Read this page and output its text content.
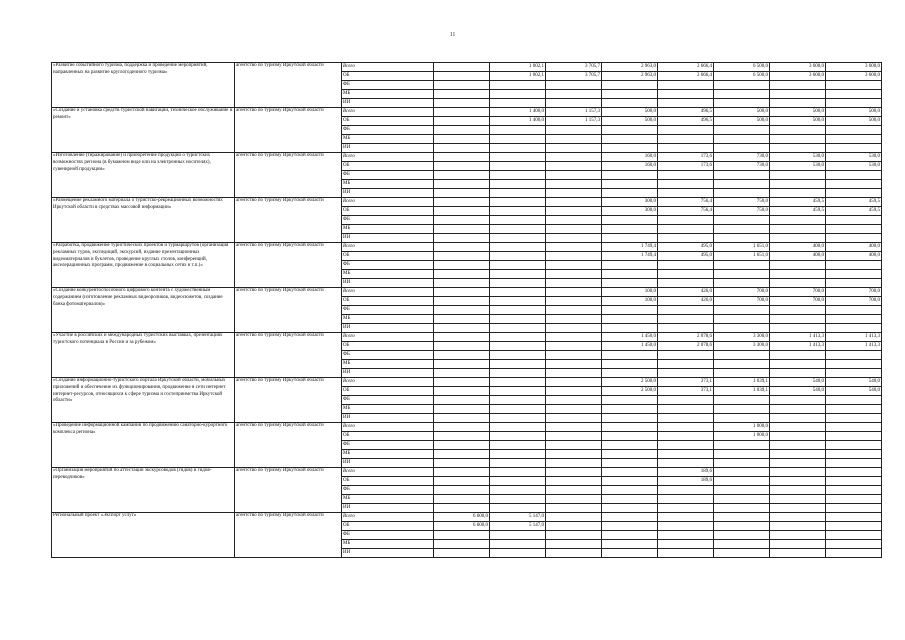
11
«Развитие событийного туризма, поддержка и проведение мероприятий, направленных на развитие круглогодичного туризма»	агентство по туризму Иркутской области	Всего		1 002,1	3 705,7	2 963,0	2 666,4	6 500,0	3 600,0	3 600,0
		ОБ		1 002,1	3 705,7	2 963,0	2 666,4	6 500,0	3 600,0	3 600,0
		ФБ								
		МБ								
		ИИ								
«Создание и установка средств туристской навигации, техническое обслуживание и ремонт»	агентство по туризму Иркутской области	Всего		1 400,0	1 157,3	500,0	496,5	500,0	500,0	500,0
		ОБ		1 400,0	1 157,3	500,0	496,5	500,0	500,0	500,0
		ФБ								
		МБ								
		ИИ								
«Изготовление (тиражирование) и приобретение продукции о туристских возможностях региона (в бумажном виде или на электронных носителях), сувенирной продукции»	агентство по туризму Иркутской области	Всего				160,0	173,6	730,0	530,0	530,0
		ОБ				160,0	173,6	730,0	530,0	530,0
		ФБ								
		МБ								
		ИИ								
«Размещение рекламного материала о туристско-рекреационных возможностях Иркутской области в средствах массовой информации»	агентство по туризму Иркутской области	Всего				300,0	756,4	750,0	459,5	459,5
		ОБ				300,0	756,4	750,0	459,5	459,5
		ФБ								
		МБ								
		ИИ								
«Разработка, продвижение туристических проектов и турмаршрутов (организация рекламных туров, экспедиций, экскурсий, издание презентационных видеоматериалов и буклетов, проведение круглых столов, конференций, акселерационных программ, продвижение в социальных сетях и т.п.)»	агентство по туризму Иркутской области	Всего				1 749,4	495,0	1 651,0	400,0	400,0
		ОБ				1 749,4	495,0	1 651,0	400,0	400,0
		ФБ								
		МБ								
		ИИ								
«Создание конкурентоспособного цифрового контента с художественным содержанием (изготовление рекламных видеороликов, видеосюжетов, создание банка фотоматериалов)»	агентство по туризму Иркутской области	Всего				100,0	426,0	700,0	700,0	700,0
		ОБ				100,0	426,0	700,0	700,0	700,0
		ФБ								
		МБ								
		ИИ								
«Участие в российских и международных туристских выставках, презентациях туристского потенциала в России и за рубежом»	агентство по туризму Иркутской области	Всего				1 450,0	2 078,6	3 300,0	1 413,3	1 413,3
		ОБ				1 450,0	2 078,6	3 300,0	1 413,3	1 413,3
		ФБ								
		МБ								
		ИИ								
«Создание информационно-туристского портала Иркутской области, мобильных приложений и обеспечение их функционирования, продвижение в сети интернет интернет-ресурсов, относящихся к сфере туризма и гостеприимства Иркутской области»	агентство по туризму Иркутской области	Всего				2 500,0	373,1	1 039,1	540,0	540,0
		ОБ				2 500,0	373,1	1 039,1	540,0	540,0
		ФБ								
		МБ								
		ИИ								
«Проведение информационной кампании по продвижению санаторно-курортного комплекса региона»	агентство по туризму Иркутской области	Всего						1 000,0		
		ОБ						1 000,0		
		ФБ								
		МБ								
		ИИ								
«Организация мероприятий по аттестации экскурсоводов (гидов) и гидов-переводчиков»	агентство по туризму Иркутской области	Всего					189,6			
		ОБ					189,6			
		ФБ								
		МБ								
		ИИ								
Региональный проект «Экспорт услуг»	агентство по туризму Иркутской области	Всего	6 600,0	5 147,0						
		ОБ	6 600,0	5 147,0						
		ФБ								
		МБ								
		ИИ								
